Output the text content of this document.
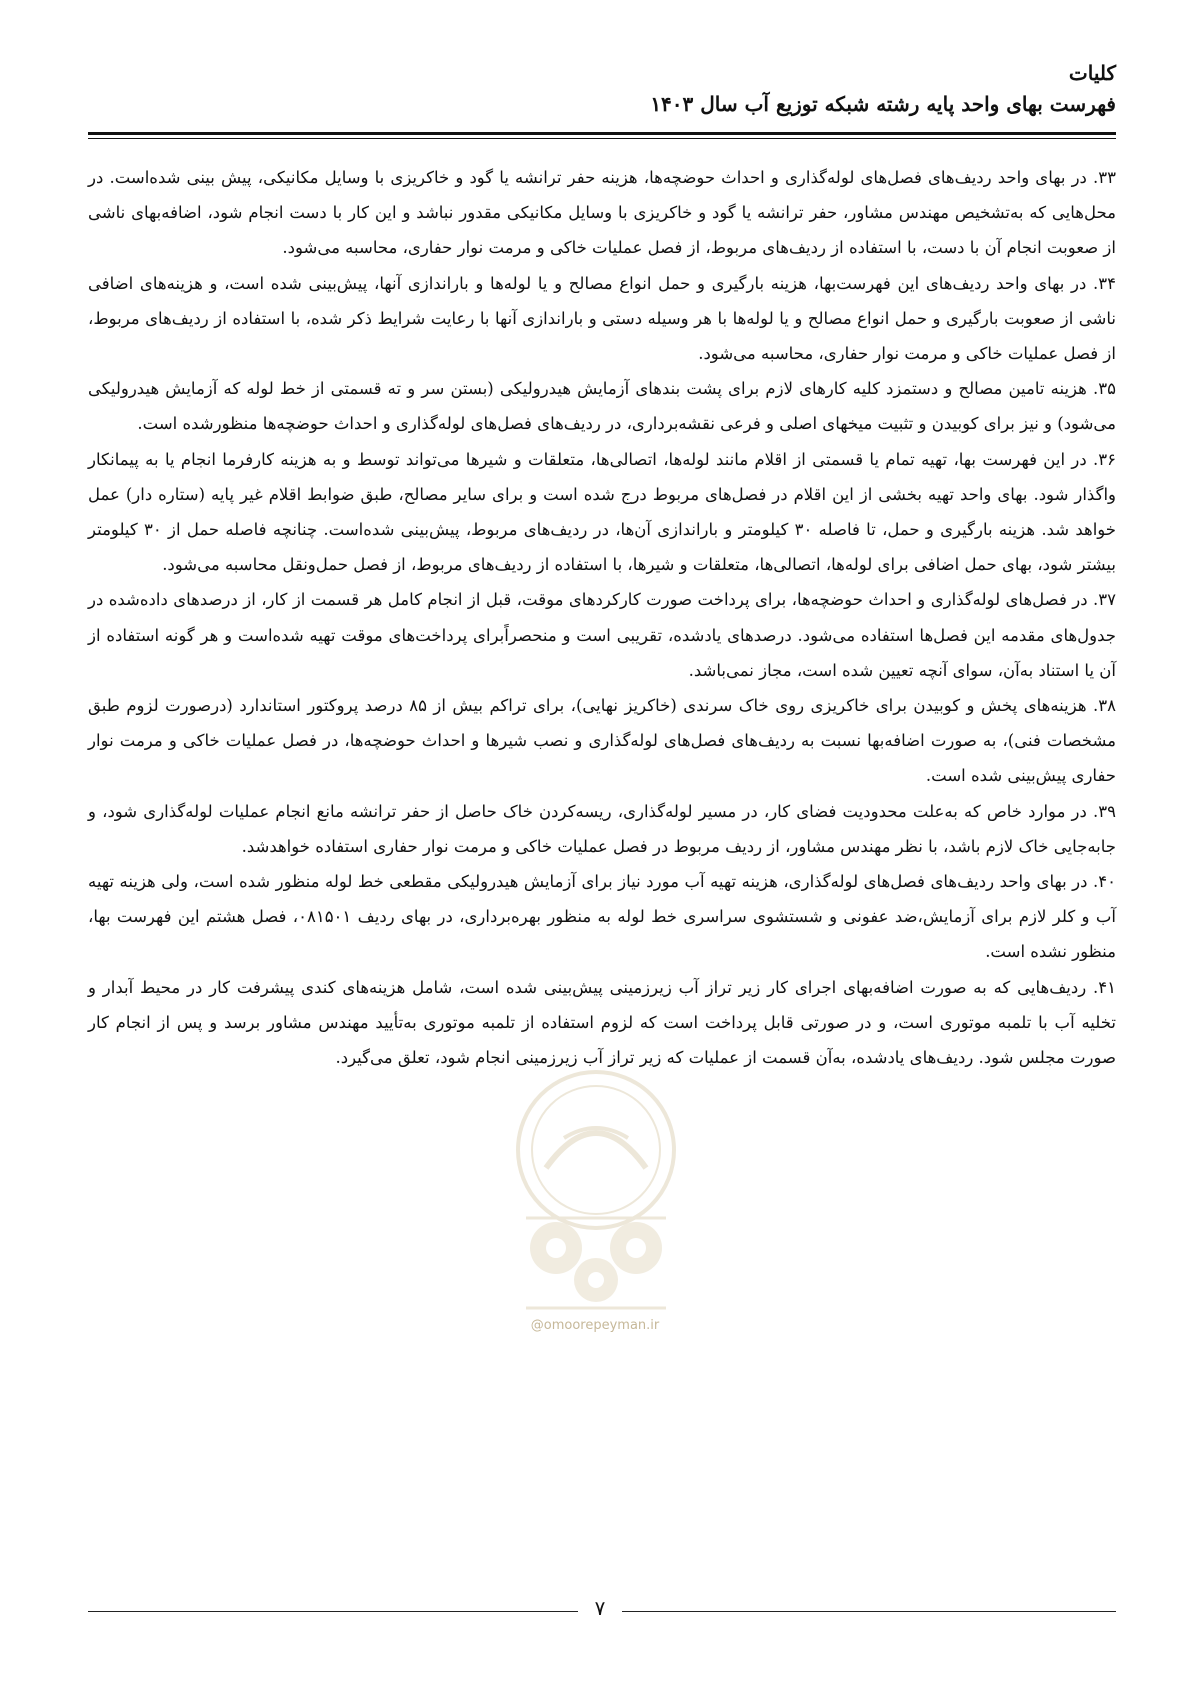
کلیات
فهرست بهای واحد پایه رشته شبکه توزیع آب سال ۱۴۰۳

۳۳. در بهای واحد ردیف‌های فصل‌های لوله‌گذاری و احداث حوضچه‌ها، هزینه حفر ترانشه یا گود و خاکریزی با وسایل مکانیکی، پیش بینی شده‌است. در محل‌هایی که به‌تشخیص مهندس مشاور، حفر ترانشه یا گود و خاکریزی با وسایل مکانیکی مقدور نباشد و این کار با دست انجام شود، اضافه‌بهای ناشی از صعوبت انجام آن با دست، با استفاده از ردیف‌های مربوط، از فصل عملیات خاکی و مرمت نوار حفاری، محاسبه می‌شود.

۳۴. در بهای واحد ردیف‌های این فهرست‌بها، هزینه بارگیری و حمل انواع مصالح و یا لوله‌ها و باراندازی آنها، پیش‌بینی شده است، و هزینه‌های اضافی ناشی از صعوبت بارگیری و حمل انواع مصالح و یا لوله‌ها با هر وسیله دستی و باراندازی آنها با رعایت شرایط ذکر شده، با استفاده از ردیف‌های مربوط، از فصل عملیات خاکی و مرمت نوار حفاری، محاسبه می‌شود.

۳۵. هزینه تامین مصالح و دستمزد کلیه کارهای لازم برای پشت بندهای آزمایش هیدرولیکی (بستن سر و ته قسمتی از خط لوله که آزمایش هیدرولیکی می‌شود) و نیز برای کوبیدن و تثبیت میخهای اصلی و فرعی نقشه‌برداری، در ردیف‌های فصل‌های لوله‌گذاری و احداث حوضچه‌ها منظورشده است.

۳۶. در این فهرست بها، تهیه تمام یا قسمتی از اقلام مانند لوله‌ها، اتصالی‌ها، متعلقات و شیرها می‌تواند توسط و به هزینه کارفرما انجام یا به پیمانکار واگذار شود. بهای واحد تهیه بخشی از این اقلام در فصل‌های مربوط درج شده است و برای سایر مصالح، طبق ضوابط اقلام غیر پایه (ستاره دار) عمل خواهد شد. هزینه بارگیری و حمل، تا فاصله ۳۰ کیلومتر و باراندازی آن‌ها، در ردیف‌های مربوط، پیش‌بینی شده‌است. چنانچه فاصله حمل از ۳۰ کیلومتر بیشتر شود، بهای حمل اضافی برای لوله‌ها، اتصالی‌ها، متعلقات و شیرها، با استفاده از ردیف‌های مربوط، از فصل حمل‌ونقل محاسبه می‌شود.

۳۷. در فصل‌های لوله‌گذاری و احداث حوضچه‌ها، برای پرداخت صورت کارکردهای موقت، قبل از انجام کامل هر قسمت از کار، از درصدهای داده‌شده در جدول‌های مقدمه این فصل‌ها استفاده می‌شود. درصدهای یادشده، تقریبی است و منحصراًبرای پرداخت‌های موقت تهیه شده‌است و هر گونه استفاده از آن یا استناد به‌آن، سوای آنچه تعیین شده است، مجاز نمی‌باشد.

۳۸. هزینه‌های پخش و کوبیدن برای خاکریزی روی خاک سرندی (خاکریز نهایی)، برای تراکم بیش از ۸۵ درصد پروکتور استاندارد (درصورت لزوم طبق مشخصات فنی)، به صورت اضافه‌بها نسبت به ردیف‌های فصل‌های لوله‌گذاری و نصب شیرها و احداث حوضچه‌ها، در فصل عملیات خاکی و مرمت نوار حفاری پیش‌بینی شده است.

۳۹. در موارد خاص که به‌علت محدودیت فضای کار، در مسیر لوله‌گذاری، ریسه‌کردن خاک حاصل از حفر ترانشه مانع انجام عملیات لوله‌گذاری شود، و جابه‌جایی خاک لازم باشد، با نظر مهندس مشاور، از ردیف مربوط در فصل عملیات خاکی و مرمت نوار حفاری استفاده خواهدشد.

۴۰. در بهای واحد ردیف‌های فصل‌های لوله‌گذاری، هزینه تهیه آب مورد نیاز برای آزمایش هیدرولیکی مقطعی خط لوله منظور شده است، ولی هزینه تهیه آب و کلر لازم برای آزمایش،ضد عفونی و شستشوی سراسری خط لوله به منظور بهره‌برداری، در بهای ردیف ۰۸۱۵۰۱، فصل هشتم این فهرست بها، منظور نشده است.

۴۱. ردیف‌هایی که به صورت اضافه‌بهای اجرای کار زیر تراز آب زیرزمینی پیش‌بینی شده است، شامل هزینه‌های کندی پیشرفت کار در محیط آبدار و تخلیه آب با تلمبه موتوری است، و در صورتی قابل پرداخت است که لزوم استفاده از تلمبه موتوری به‌تأیید مهندس مشاور برسد و پس از انجام کار صورت مجلس شود. ردیف‌های یادشده، به‌آن قسمت از عملیات که زیر تراز آب زیرزمینی انجام شود، تعلق می‌گیرد.

@omoorepeyman.ir
۷
